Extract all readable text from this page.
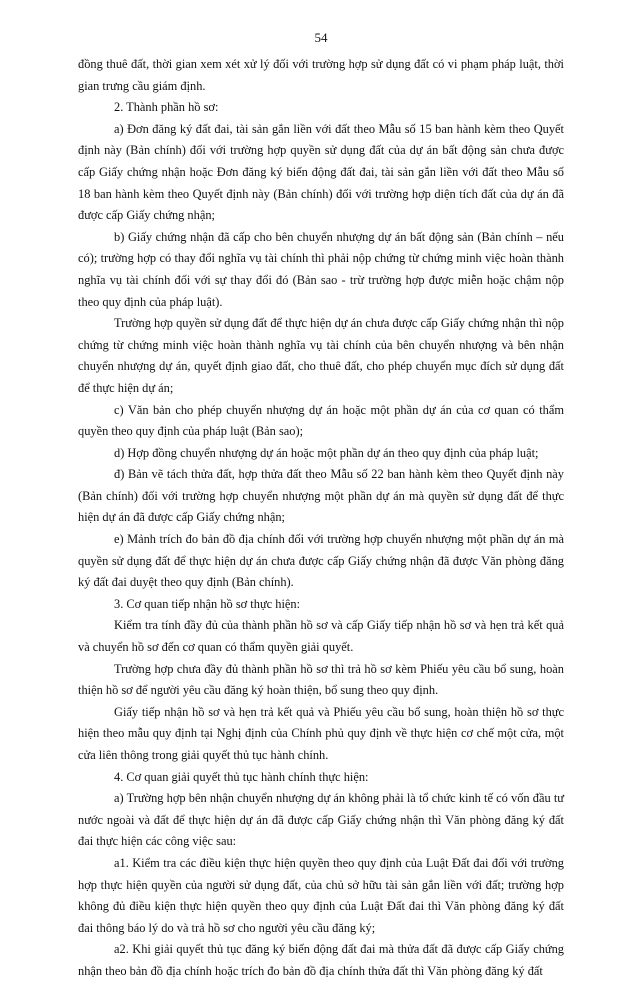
54

đồng thuê đất, thời gian xem xét xử lý đối với trường hợp sử dụng đất có vi phạm pháp luật, thời gian trưng cầu giám định.

2. Thành phần hồ sơ:

a) Đơn đăng ký đất đai, tài sản gắn liền với đất theo Mẫu số 15 ban hành kèm theo Quyết định này (Bản chính) đối với trường hợp quyền sử dụng đất của dự án bất động sản chưa được cấp Giấy chứng nhận hoặc Đơn đăng ký biến động đất đai, tài sản gắn liền với đất theo Mẫu số 18 ban hành kèm theo Quyết định này (Bản chính) đối với trường hợp diện tích đất của dự án đã được cấp Giấy chứng nhận;

b) Giấy chứng nhận đã cấp cho bên chuyển nhượng dự án bất động sản (Bản chính – nếu có); trường hợp có thay đổi nghĩa vụ tài chính thì phải nộp chứng từ chứng minh việc hoàn thành nghĩa vụ tài chính đối với sự thay đổi đó (Bản sao - trừ trường hợp được miễn hoặc chậm nộp theo quy định của pháp luật).

Trường hợp quyền sử dụng đất để thực hiện dự án chưa được cấp Giấy chứng nhận thì nộp chứng từ chứng minh việc hoàn thành nghĩa vụ tài chính của bên chuyển nhượng và bên nhận chuyển nhượng dự án, quyết định giao đất, cho thuê đất, cho phép chuyển mục đích sử dụng đất để thực hiện dự án;

c) Văn bản cho phép chuyển nhượng dự án hoặc một phần dự án của cơ quan có thẩm quyền theo quy định của pháp luật (Bản sao);

d) Hợp đồng chuyển nhượng dự án hoặc một phần dự án theo quy định của pháp luật;

đ) Bản vẽ tách thửa đất, hợp thửa đất theo Mẫu số 22 ban hành kèm theo Quyết định này (Bản chính) đối với trường hợp chuyển nhượng một phần dự án mà quyền sử dụng đất để thực hiện dự án đã được cấp Giấy chứng nhận;

e) Mảnh trích đo bản đồ địa chính đối với trường hợp chuyển nhượng một phần dự án mà quyền sử dụng đất để thực hiện dự án chưa được cấp Giấy chứng nhận đã được Văn phòng đăng ký đất đai duyệt theo quy định (Bản chính).

3. Cơ quan tiếp nhận hồ sơ thực hiện:

Kiểm tra tính đầy đủ của thành phần hồ sơ và cấp Giấy tiếp nhận hồ sơ và hẹn trả kết quả và chuyển hồ sơ đến cơ quan có thẩm quyền giải quyết.

Trường hợp chưa đầy đủ thành phần hồ sơ thì trả hồ sơ kèm Phiếu yêu cầu bổ sung, hoàn thiện hồ sơ để người yêu cầu đăng ký hoàn thiện, bổ sung theo quy định.

Giấy tiếp nhận hồ sơ và hẹn trả kết quả và Phiếu yêu cầu bổ sung, hoàn thiện hồ sơ thực hiện theo mẫu quy định tại Nghị định của Chính phủ quy định về thực hiện cơ chế một cửa, một cửa liên thông trong giải quyết thủ tục hành chính.

4. Cơ quan giải quyết thủ tục hành chính thực hiện:

a) Trường hợp bên nhận chuyển nhượng dự án không phải là tổ chức kinh tế có vốn đầu tư nước ngoài và đất để thực hiện dự án đã được cấp Giấy chứng nhận thì Văn phòng đăng ký đất đai thực hiện các công việc sau:

a1. Kiểm tra các điều kiện thực hiện quyền theo quy định của Luật Đất đai đối với trường hợp thực hiện quyền của người sử dụng đất, của chủ sở hữu tài sản gắn liền với đất; trường hợp không đủ điều kiện thực hiện quyền theo quy định của Luật Đất đai thì Văn phòng đăng ký đất đai thông báo lý do và trả hồ sơ cho người yêu cầu đăng ký;

a2. Khi giải quyết thủ tục đăng ký biến động đất đai mà thửa đất đã được cấp Giấy chứng nhận theo bản đồ địa chính hoặc trích đo bản đồ địa chính thửa đất thì Văn phòng đăng ký đất
